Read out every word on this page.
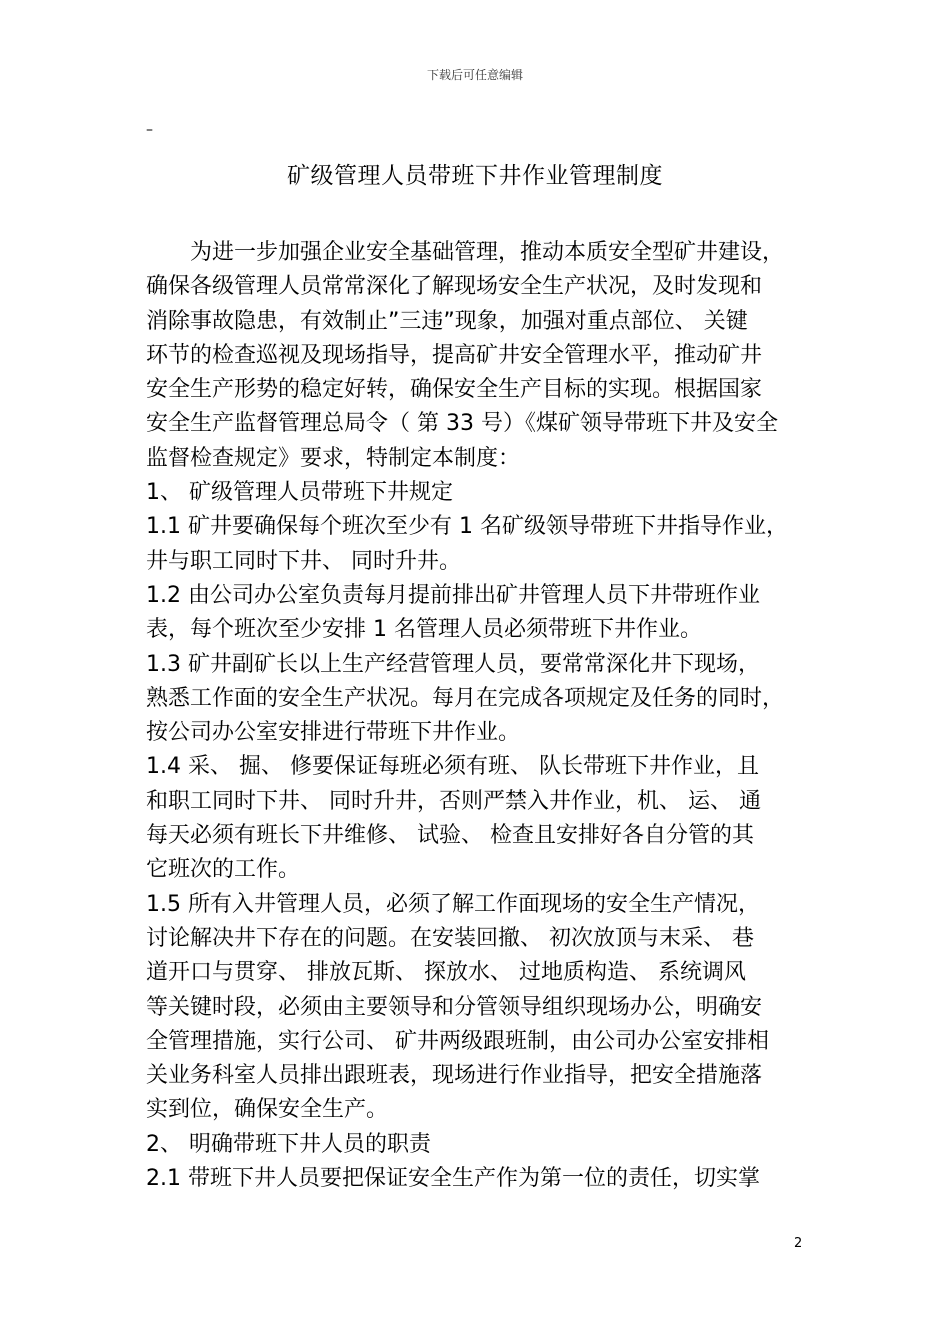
下载后可任意编辑
–
矿级管理人员带班下井作业管理制度
为进一步加强企业安全基础管理，推动本质安全型矿井建设，
确保各级管理人员常常深化了解现场安全生产状况，及时发现和
消除事故隐患，有效制止”三违”现象，加强对重点部位、 关键
环节的检查巡视及现场指导，提高矿井安全管理水平，推动矿井
安全生产形势的稳定好转，确保安全生产目标的实现。根据国家
安全生产监督管理总局令（ 第 33 号）《煤矿领导带班下井及安全
监督检查规定》要求，特制定本制度：
1、 矿级管理人员带班下井规定
1.1 矿井要确保每个班次至少有 1 名矿级领导带班下井指导作业，
井与职工同时下井、 同时升井。
1.2 由公司办公室负责每月提前排出矿井管理人员下井带班作业
表，每个班次至少安排 1 名管理人员必须带班下井作业。
1.3 矿井副矿长以上生产经营管理人员，要常常深化井下现场，
熟悉工作面的安全生产状况。每月在完成各项规定及任务的同时，
按公司办公室安排进行带班下井作业。
1.4 采、 掘、 修要保证每班必须有班、 队长带班下井作业，且
和职工同时下井、 同时升井，否则严禁入井作业，机、 运、 通
每天必须有班长下井维修、 试验、 检查且安排好各自分管的其
它班次的工作。
1.5 所有入井管理人员，必须了解工作面现场的安全生产情况，
讨论解决井下存在的问题。在安装回撤、 初次放顶与末采、 巷
道开口与贯穿、 排放瓦斯、 探放水、 过地质构造、 系统调风
等关键时段，必须由主要领导和分管领导组织现场办公，明确安
全管理措施，实行公司、 矿井两级跟班制，由公司办公室安排相
关业务科室人员排出跟班表，现场进行作业指导，把安全措施落
实到位，确保安全生产。
2、 明确带班下井人员的职责
2.1 带班下井人员要把保证安全生产作为第一位的责任，切实掌
2
